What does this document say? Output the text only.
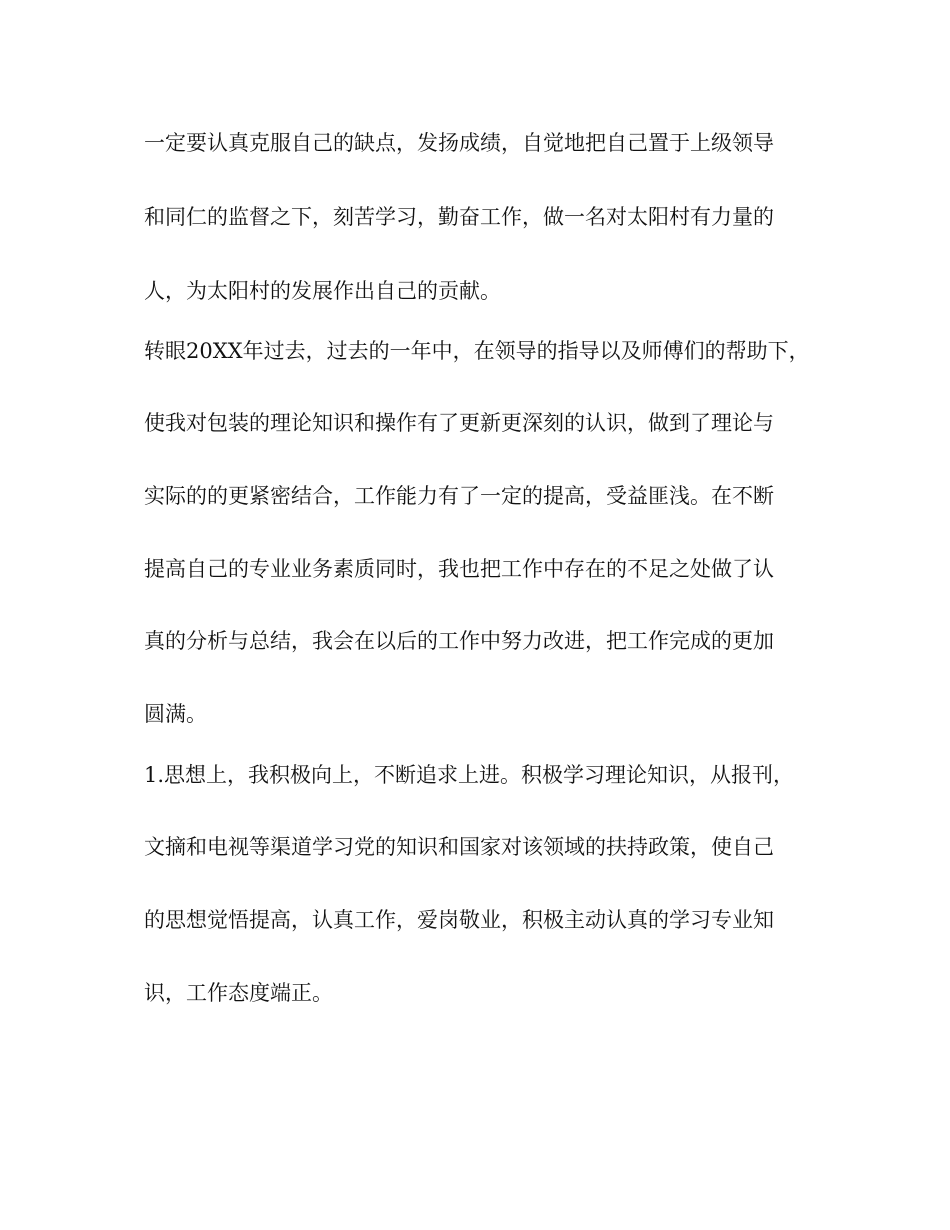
一定要认真克服自己的缺点，发扬成绩，自觉地把自己置于上级领导

和同仁的监督之下，刻苦学习，勤奋工作，做一名对太阳村有力量的

人，为太阳村的发展作出自己的贡献。

转眼20XX年过去，过去的一年中，在领导的指导以及师傅们的帮助下，

使我对包装的理论知识和操作有了更新更深刻的认识，做到了理论与

实际的的更紧密结合，工作能力有了一定的提高，受益匪浅。在不断

提高自己的专业业务素质同时，我也把工作中存在的不足之处做了认

真的分析与总结，我会在以后的工作中努力改进，把工作完成的更加

圆满。

1.思想上，我积极向上，不断追求上进。积极学习理论知识，从报刊，

文摘和电视等渠道学习党的知识和国家对该领域的扶持政策，使自己

的思想觉悟提高，认真工作，爱岗敬业，积极主动认真的学习专业知

识，工作态度端正。
